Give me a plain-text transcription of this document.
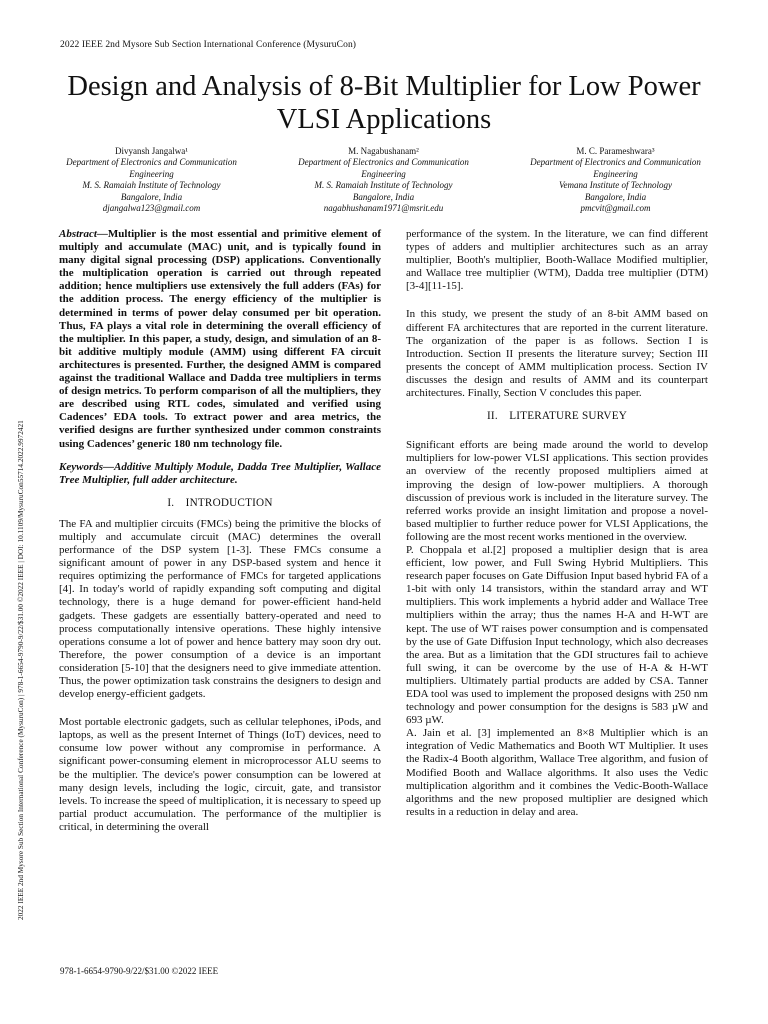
2022 IEEE 2nd Mysore Sub Section International Conference (MysuruCon)
Design and Analysis of 8-Bit Multiplier for Low Power VLSI Applications
Divyansh Jangalwa¹
Department of Electronics and Communication Engineering
M. S. Ramaiah Institute of Technology
Bangalore, India
djangalwa123@gmail.com
M. Nagabushanam²
Department of Electronics and Communication Engineering
M. S. Ramaiah Institute of Technology
Bangalore, India
nagabhushanam1971@msrit.edu
M. C. Parameshwara³
Department of Electronics and Communication Engineering
Vemana Institute of Technology
Bangalore, India
pmcvit@gmail.com
2022 IEEE 2nd Mysore Sub Section International Conference (MysuruCon) | 978-1-6654-9790-9/22/$31.00 ©2022 IEEE | DOI: 10.1109/MysuruCon55714.2022.9972421

Abstract—Multiplier is the most essential and primitive element of multiply and accumulate (MAC) unit, and is typically found in many digital signal processing (DSP) applications. Conventionally the multiplication operation is carried out through repeated addition; hence multipliers use extensively the full adders (FAs) for the addition process. The energy efficiency of the multiplier is determined in terms of power delay consumed per bit operation. Thus, FA plays a vital role in determining the overall efficiency of the multiplier. In this paper, a study, design, and simulation of an 8-bit additive multiply module (AMM) using different FA circuit architectures is presented. Further, the designed AMM is compared against the traditional Wallace and Dadda tree multipliers in terms of design metrics. To perform comparison of all the multipliers, they are described using RTL codes, simulated and verified using Cadences’ EDA tools. To extract power and area metrics, the verified designs are further synthesized under common constraints using Cadences’ generic 180 nm technology file.

Keywords—Additive Multiply Module, Dadda Tree Multiplier, Wallace Tree Multiplier, full adder architecture.

I. INTRODUCTION

The FA and multiplier circuits (FMCs) being the primitive the blocks of multiply and accumulate circuit (MAC) determines the overall performance of the DSP system [1-3]. These FMCs consume a significant amount of power in any DSP-based system and hence it requires optimizing the performance of FMCs for targeted applications [4]. In today's world of rapidly expanding soft computing and digital technology, there is a huge demand for power-efficient hand-held gadgets. These gadgets are essentially battery-operated and need to process computationally intensive operations. These highly intensive operations consume a lot of power and hence battery may soon dry out. Therefore, the power consumption of a device is an important consideration [5-10] that the designers need to give immediate attention. Thus, the power optimization task constrains the designers to design and develop energy-efficient gadgets.

Most portable electronic gadgets, such as cellular telephones, iPods, and laptops, as well as the present Internet of Things (IoT) devices, need to consume low power without any compromise in performance. A significant power-consuming element in microprocessor ALU seems to be the multiplier. The device's power consumption can be lowered at many design levels, including the logic, circuit, gate, and transistor levels. To increase the speed of multiplication, it is necessary to speed up partial product accumulation. The performance of the multiplier is critical, in determining the overall

performance of the system. In the literature, we can find different types of adders and multiplier architectures such as an array multiplier, Booth's multiplier, Booth-Wallace Modified multiplier, and Wallace tree multiplier (WTM), Dadda tree multiplier (DTM) [3-4][11-15].

In this study, we present the study of an 8-bit AMM based on different FA architectures that are reported in the current literature. The organization of the paper is as follows. Section I is Introduction. Section II presents the literature survey; Section III presents the concept of AMM multiplication process. Section IV discusses the design and results of AMM and its counterpart architectures. Finally, Section V concludes this paper.

II. LITERATURE SURVEY

Significant efforts are being made around the world to develop multipliers for low-power VLSI applications. This section provides an overview of the recently proposed multipliers aimed at improving the design of low-power multipliers. A thorough discussion of previous work is included in the literature survey. The referred works provide an insight limitation and propose a novel-based multiplier to further reduce power for VLSI Applications, the following are the most recent works mentioned in the overview.

P. Choppala et al.[2] proposed a multiplier design that is area efficient, low power, and Full Swing Hybrid Multipliers. This research paper focuses on Gate Diffusion Input based hybrid FA of a 1-bit with only 14 transistors, within the standard array and WT multipliers. This work implements a hybrid adder and Wallace Tree multipliers within the array; thus the names H-A and H-WT are kept. The use of WT raises power consumption and is compensated by the use of Gate Diffusion Input technology, which also decreases the area. But as a limitation that the GDI structures fail to achieve full swing, it can be overcome by the use of H-A & H-WT multipliers. Ultimately partial products are added by CSA. Tanner EDA tool was used to implement the proposed designs with 250 nm technology and power consumption for the designs is 583 µW and 693 µW.

A. Jain et al. [3] implemented an 8×8 Multiplier which is an integration of Vedic Mathematics and Booth WT Multiplier. It uses the Radix-4 Booth algorithm, Wallace Tree algorithm, and fusion of Modified Booth and Wallace algorithms. It also uses the Vedic multiplication algorithm and it combines the Vedic-Booth-Wallace algorithms and the new proposed multiplier are designed which results in a reduction in delay and area.

978-1-6654-9790-9/22/$31.00 ©2022 IEEE
